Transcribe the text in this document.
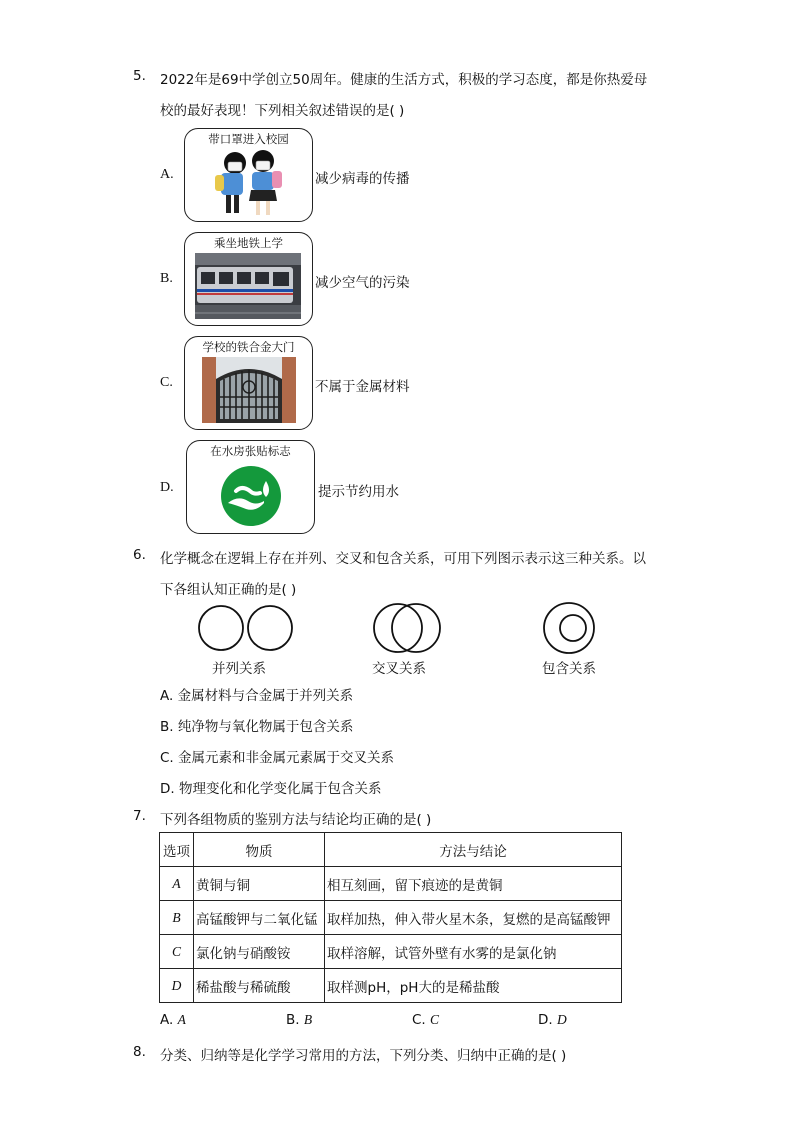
5. 2022年是69中学创立50周年。健康的生活方式，积极的学习态度，都是你热爱母
校的最好表现！下列相关叙述错误的是( )
A.
带口罩进入校园
减少病毒的传播
B.
乘坐地铁上学
减少空气的污染
C.
学校的铁合金大门
不属于金属材料
D.
在水房张贴标志
提示节约用水
6. 化学概念在逻辑上存在并列、交叉和包含关系，可用下列图示表示这三种关系。以
下各组认知正确的是( )
并列关系	交叉关系	包含关系
A. 金属材料与合金属于并列关系
B. 纯净物与氧化物属于包含关系
C. 金属元素和非金属元素属于交叉关系
D. 物理变化和化学变化属于包含关系
7. 下列各组物质的鉴别方法与结论均正确的是( )
选项	物质	方法与结论
A	黄铜与铜	相互刻画，留下痕迹的是黄铜
B	高锰酸钾与二氧化锰	取样加热，伸入带火星木条，复燃的是高锰酸钾
C	氯化钠与硝酸铵	取样溶解，试管外壁有水雾的是氯化钠
D	稀盐酸与稀硫酸	取样测pH，pH大的是稀盐酸
A. A	B. B	C. C	D. D
8. 分类、归纳等是化学学习常用的方法，下列分类、归纳中正确的是( )
